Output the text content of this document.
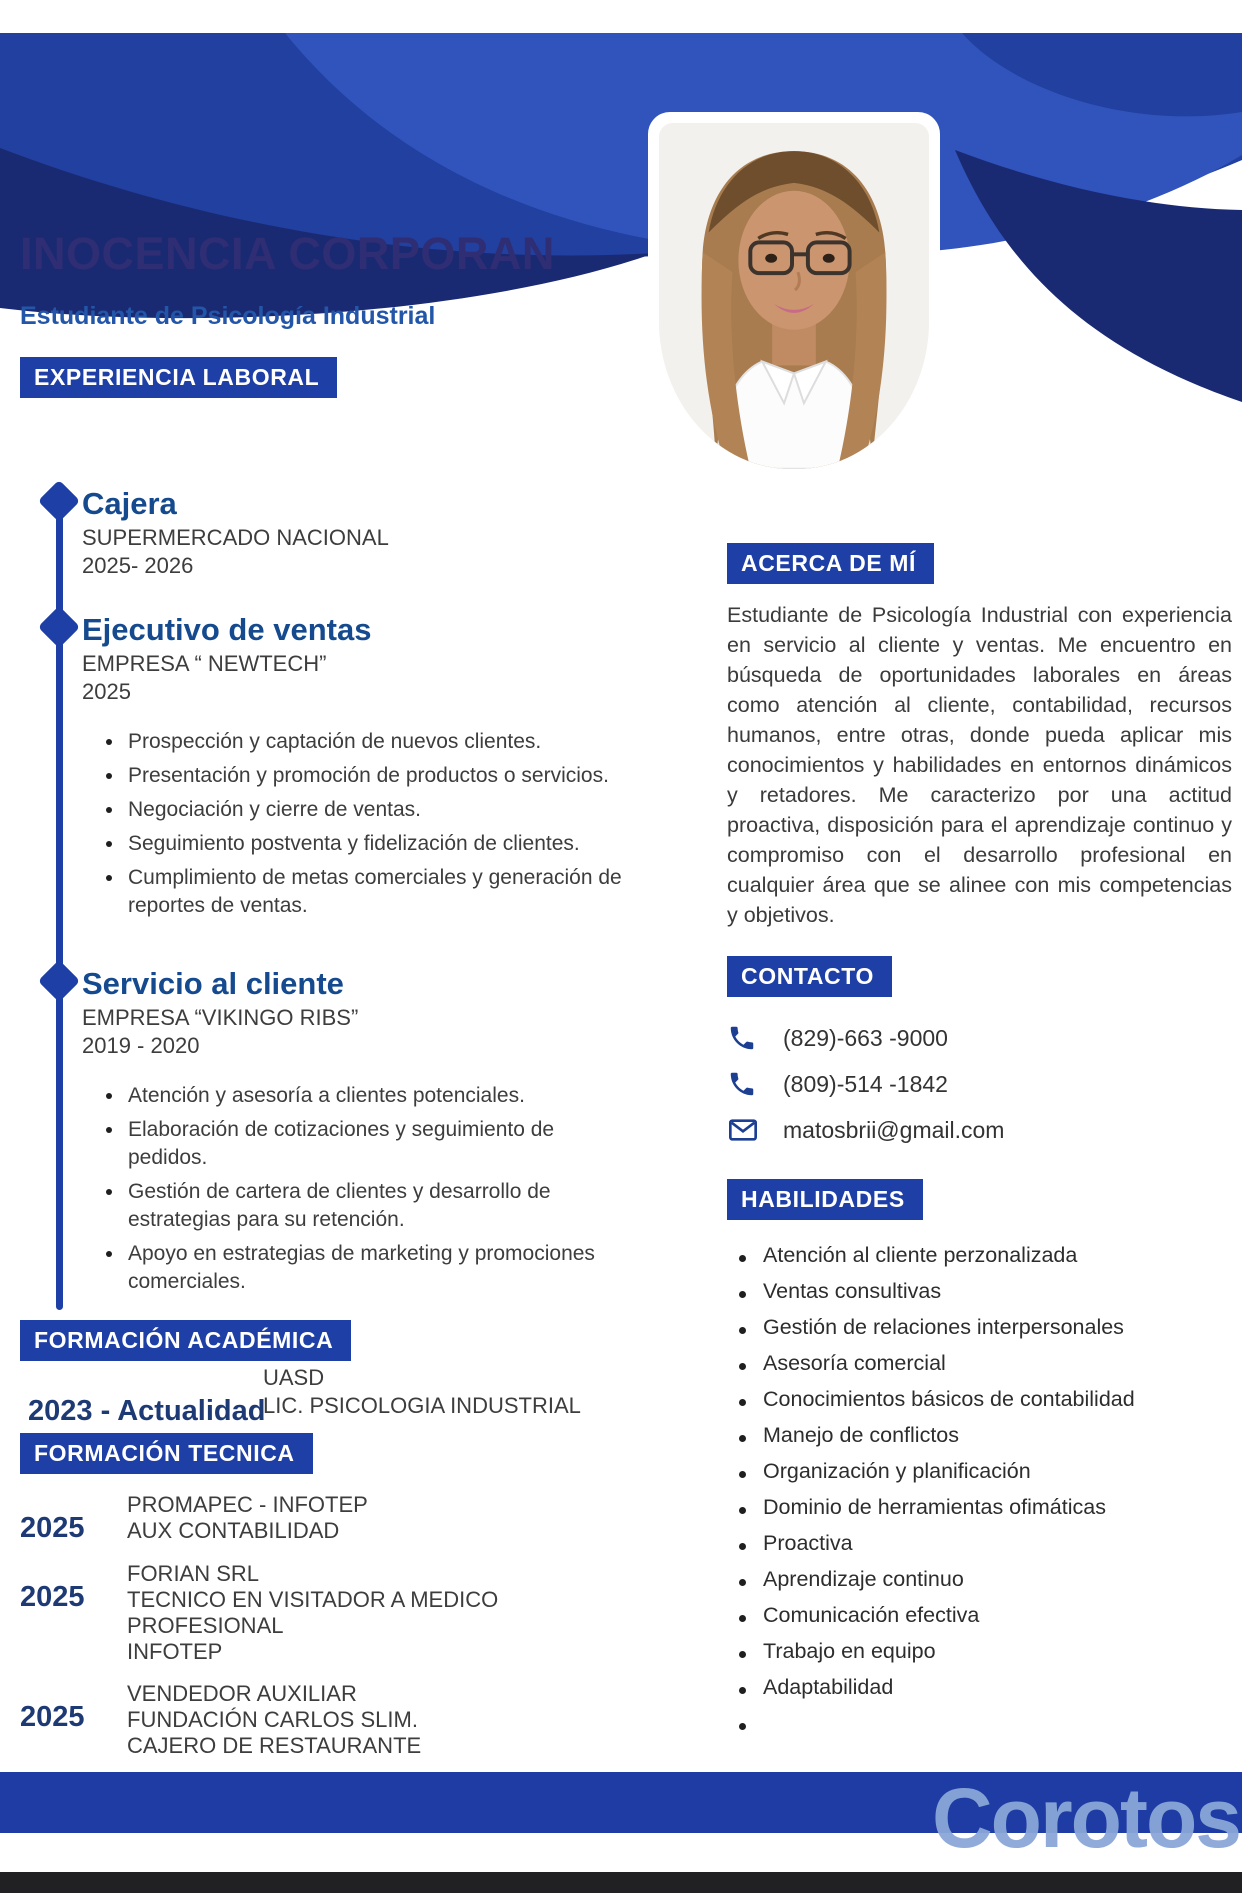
INOCENCIA CORPORAN
Estudiante de Psicología Industrial
EXPERIENCIA LABORAL
Cajera
SUPERMERCADO NACIONAL
2025- 2026
Ejecutivo de ventas
EMPRESA “ NEWTECH”
2025
Prospección y captación de nuevos clientes.
Presentación y promoción de productos o servicios.
Negociación y cierre de ventas.
Seguimiento postventa y fidelización de clientes.
Cumplimiento de metas comerciales y generación de reportes de ventas.
Servicio al cliente
EMPRESA “VIKINGO RIBS”
2019 - 2020
Atención y asesoría a clientes potenciales.
Elaboración de cotizaciones y seguimiento de pedidos.
Gestión de cartera de clientes y desarrollo de estrategias para su retención.
Apoyo en estrategias de marketing y promociones comerciales.
FORMACIÓN ACADÉMICA
2023 - Actualidad
UASD
LIC. PSICOLOGIA INDUSTRIAL
FORMACIÓN TECNICA
2025
PROMAPEC - INFOTEP
AUX CONTABILIDAD
2025
FORIAN SRL
TECNICO EN VISITADOR A MEDICO PROFESIONAL
INFOTEP
2025
VENDEDOR AUXILIAR
FUNDACIÓN CARLOS SLIM.
CAJERO DE RESTAURANTE
ACERCA DE MÍ
Estudiante de Psicología Industrial con experiencia en servicio al cliente y ventas. Me encuentro en búsqueda de oportunidades laborales en áreas como atención al cliente, contabilidad, recursos humanos, entre otras, donde pueda aplicar mis conocimientos y habilidades en entornos dinámicos y retadores. Me caracterizo por una actitud proactiva, disposición para el aprendizaje continuo y compromiso con el desarrollo profesional en cualquier área que se alinee con mis competencias y objetivos.
CONTACTO
(829)-663 -9000
(809)-514 -1842
matosbrii@gmail.com
HABILIDADES
Atención al cliente perzonalizada
Ventas consultivas
Gestión de relaciones interpersonales
Asesoría comercial
Conocimientos básicos de contabilidad
Manejo de conflictos
Organización y planificación
Dominio de herramientas ofimáticas
Proactiva
Aprendizaje continuo
Comunicación efectiva
Trabajo en equipo
Adaptabilidad
Corotos
